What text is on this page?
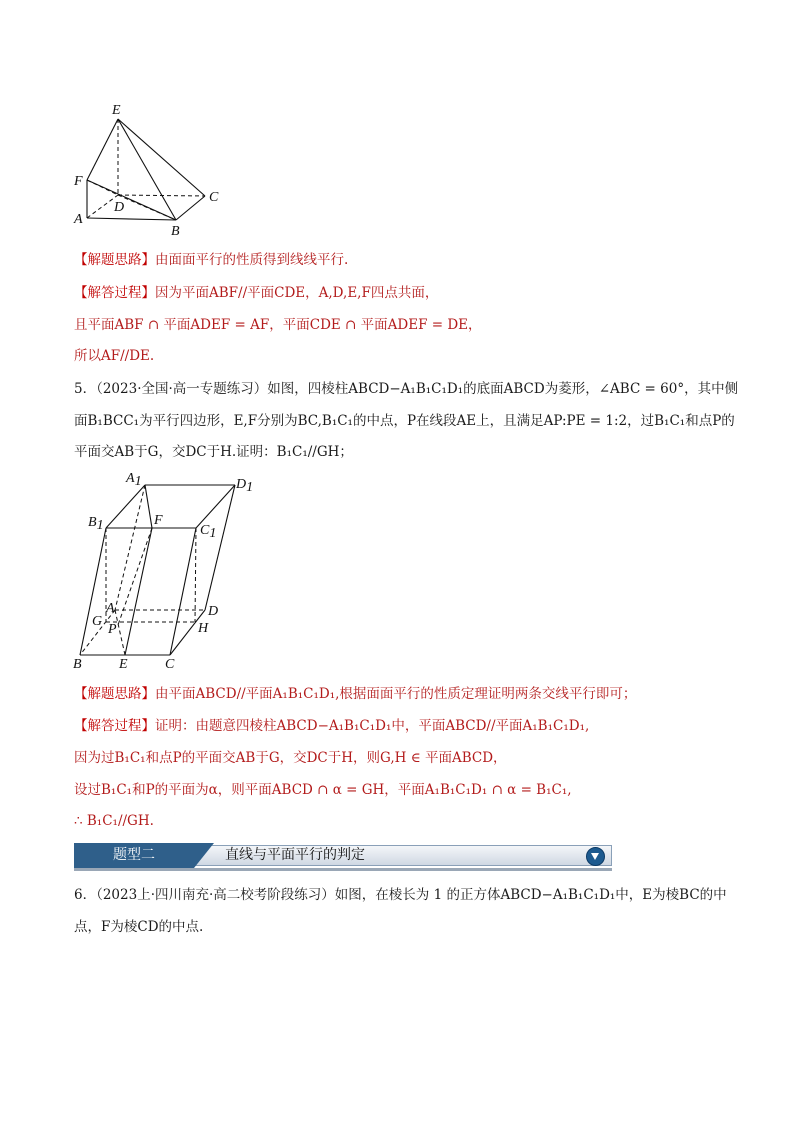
E
F
D
C
A
B
【解题思路】由面面平行的性质得到线线平行.
【解答过程】因为平面ABF//平面CDE，A,D,E,F四点共面，
且平面ABF ∩ 平面ADEF = AF，平面CDE ∩ 平面ADEF = DE，
所以AF//DE.
5．（2023·全国·高一专题练习）如图，四棱柱ABCD−A₁B₁C₁D₁的底面ABCD为菱形，∠ABC = 60°，其中侧
面B₁BCC₁为平行四边形，E,F分别为BC,B₁C₁的中点，P在线段AE上，且满足AP:PE = 1:2，过B₁C₁和点P的
平面交AB于G，交DC于H.证明：B₁C₁//GH；
A1	D1
B1	F
C1
A	D
G
P	H
B	E	C
【解题思路】由平面ABCD//平面A₁B₁C₁D₁,根据面面平行的性质定理证明两条交线平行即可；
【解答过程】证明：由题意四棱柱ABCD−A₁B₁C₁D₁中，平面ABCD//平面A₁B₁C₁D₁,
因为过B₁C₁和点P的平面交AB于G，交DC于H，则G,H ∈ 平面ABCD，
设过B₁C₁和P的平面为α，则平面ABCD ∩ α = GH，平面A₁B₁C₁D₁ ∩ α = B₁C₁,
∴ B₁C₁//GH.
直线与平面平行的判定
题型二
6．（2023上·四川南充·高二校考阶段练习）如图，在棱长为 1 的正方体ABCD−A₁B₁C₁D₁中，E为棱BC的中
点，F为棱CD的中点.
